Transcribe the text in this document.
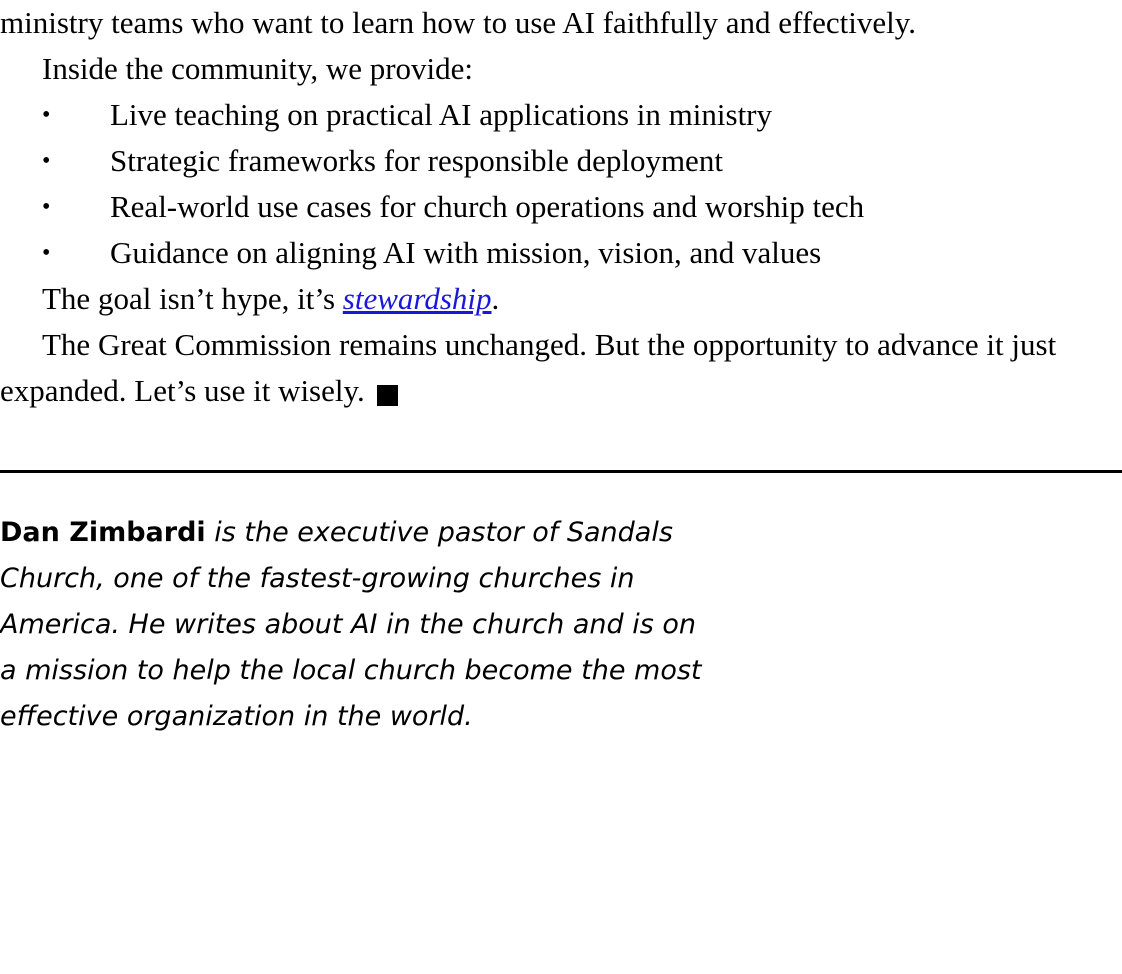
ministry teams who want to learn how to use AI faithfully and effectively.

Inside the community, we provide:

• Live teaching on practical AI applications in ministry
• Strategic frameworks for responsible deployment
• Real-world use cases for church operations and worship tech
• Guidance on aligning AI with mission, vision, and values

The goal isn’t hype, it’s stewardship.

The Great Commission remains unchanged. But the opportunity to advance it just expanded. Let’s use it wisely.	T

Dan Zimbardi is the executive pastor of Sandals Church, one of the fastest-growing churches in America. He writes about AI in the church and is on a mission to help the local church become the most effective organization in the world.
